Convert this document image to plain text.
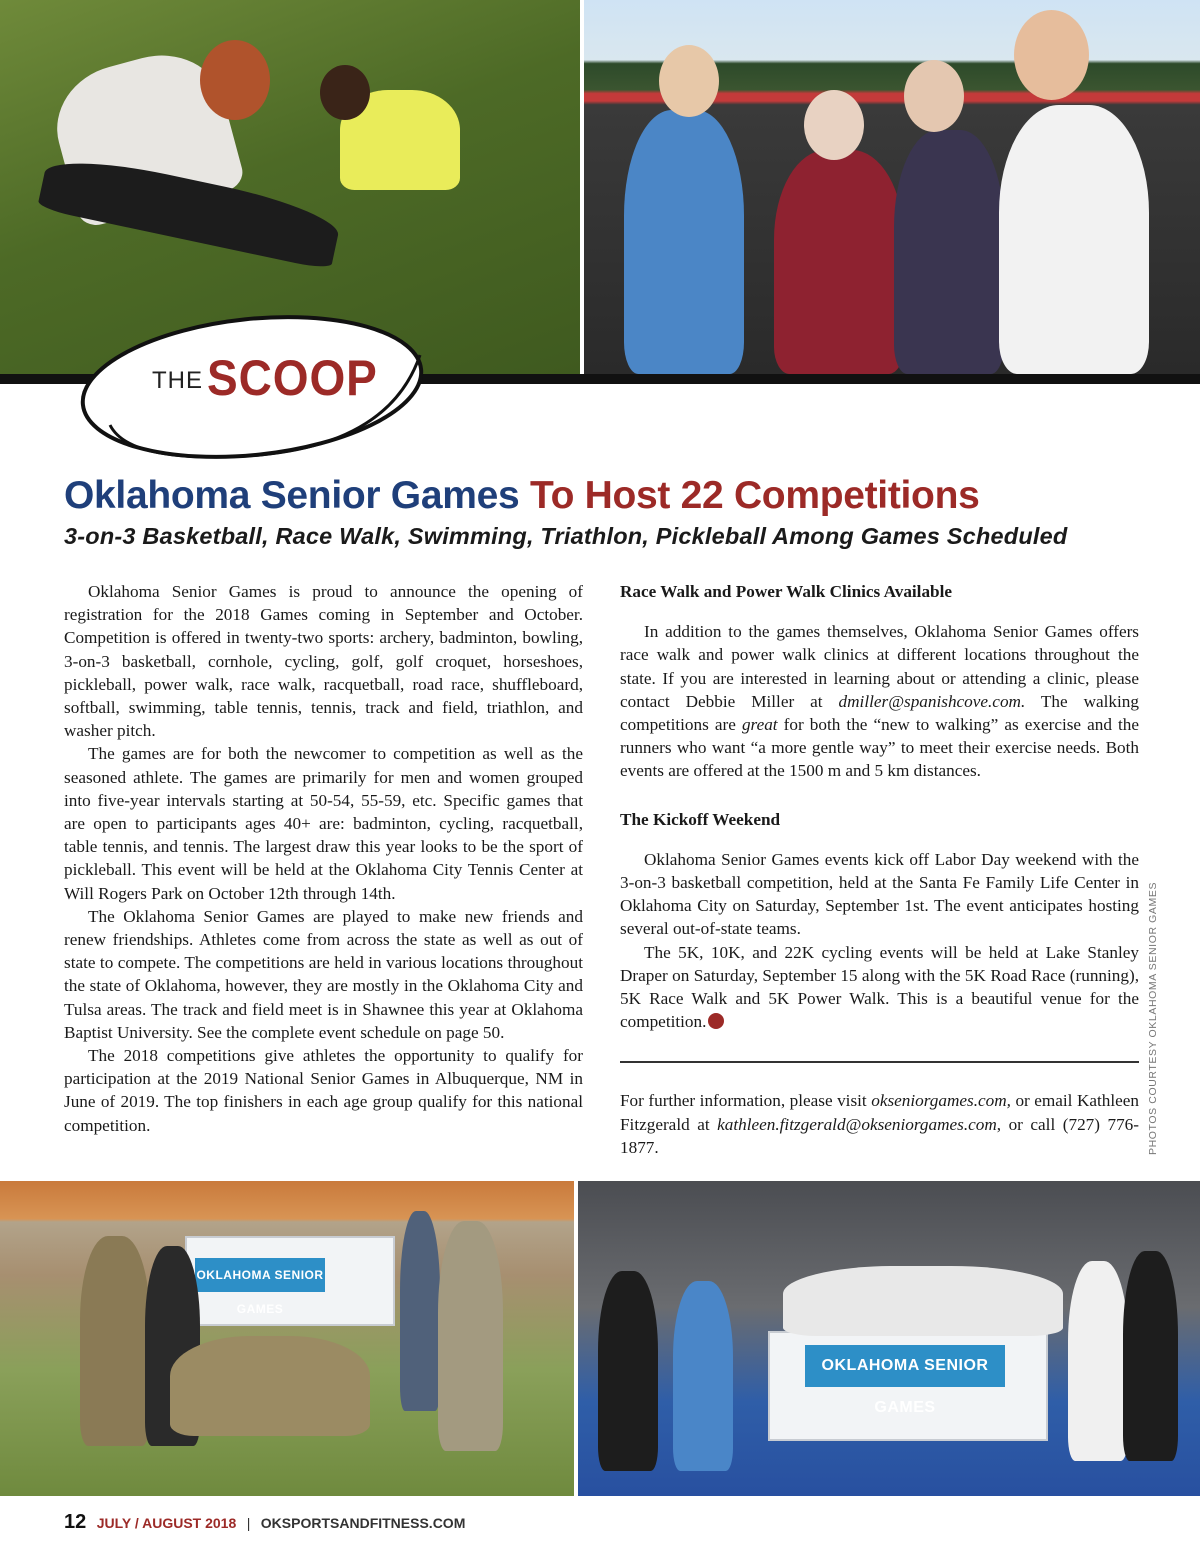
THE SCOOP
Oklahoma Senior Games To Host 22 Competitions
3-on-3 Basketball, Race Walk, Swimming, Triathlon, Pickleball Among Games Scheduled

Oklahoma Senior Games is proud to announce the opening of registration for the 2018 Games coming in September and October. Competition is offered in twenty-two sports: archery, badminton, bowling, 3-on-3 basketball, cornhole, cycling, golf, golf croquet, horseshoes, pickleball, power walk, race walk, racquetball, road race, shuffleboard, softball, swimming, table tennis, tennis, track and field, triathlon, and washer pitch.

The games are for both the newcomer to competition as well as the seasoned athlete. The games are primarily for men and women grouped into five-year intervals starting at 50-54, 55-59, etc. Specific games that are open to participants ages 40+ are: badminton, cycling, racquetball, table tennis, and tennis. The largest draw this year looks to be the sport of pickleball. This event will be held at the Oklahoma City Tennis Center at Will Rogers Park on October 12th through 14th.

The Oklahoma Senior Games are played to make new friends and renew friendships. Athletes come from across the state as well as out of state to compete. The competitions are held in various locations throughout the state of Oklahoma, however, they are mostly in the Oklahoma City and Tulsa areas. The track and field meet is in Shawnee this year at Oklahoma Baptist University. See the complete event schedule on page 50.

The 2018 competitions give athletes the opportunity to qualify for participation at the 2019 National Senior Games in Albuquerque, NM in June of 2019. The top finishers in each age group qualify for this national competition.

Race Walk and Power Walk Clinics Available

In addition to the games themselves, Oklahoma Senior Games offers race walk and power walk clinics at different locations throughout the state. If you are interested in learning about or attending a clinic, please contact Debbie Miller at dmiller@spanishcove.com. The walking competitions are great for both the “new to walking” as exercise and the runners who want “a more gentle way” to meet their exercise needs. Both events are offered at the 1500 m and 5 km distances.

The Kickoff Weekend

Oklahoma Senior Games events kick off Labor Day weekend with the 3-on-3 basketball competition, held at the Santa Fe Family Life Center in Oklahoma City on Saturday, September 1st. The event anticipates hosting several out-of-state teams.

The 5K, 10K, and 22K cycling events will be held at Lake Stanley Draper on Saturday, September 15 along with the 5K Road Race (running), 5K Race Walk and 5K Power Walk. This is a beautiful venue for the competition.

For further information, please visit okseniorgames.com, or email Kathleen Fitzgerald at kathleen.fitzgerald@okseniorgames.com, or call (727) 776-1877.	PHOTOS COURTESY OKLAHOMA SENIOR GAMES
OKLAHOMA SENIOR GAMES
OKLAHOMA SENIOR GAMES
12 JULY / AUGUST 2018 | OKSPORTSANDFITNESS.COM
